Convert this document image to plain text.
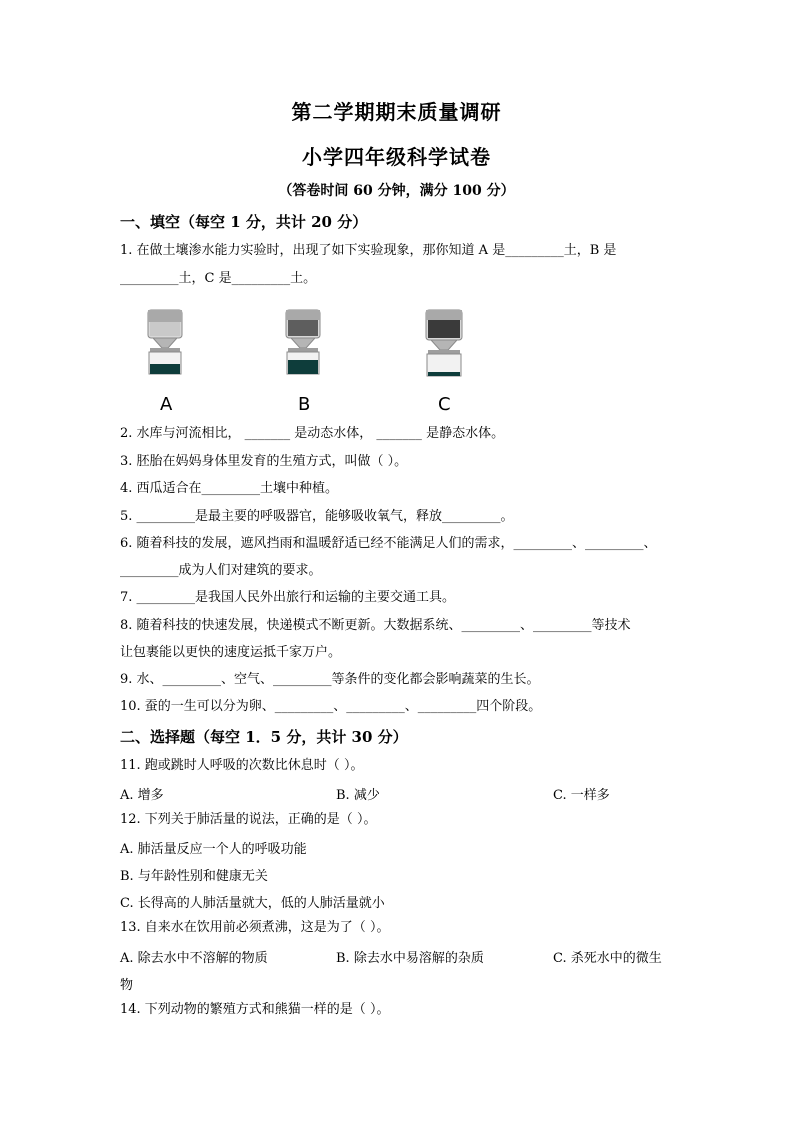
第二学期期末质量调研
小学四年级科学试卷
（答卷时间 60 分钟，满分 100 分）
一、填空（每空 1 分，共计 20 分）
1. 在做土壤渗水能力实验时，出现了如下实验现象，那你知道 A 是_________土，B 是
_________土，C 是_________土。
A	B	C
2. 水库与河流相比， _______ 是动态水体， _______ 是静态水体。
3. 胚胎在妈妈身体里发育的生殖方式，叫做（ ）。
4. 西瓜适合在_________土壤中种植。
5. _________是最主要的呼吸器官，能够吸收氧气，释放_________。
6. 随着科技的发展，遮风挡雨和温暖舒适已经不能满足人们的需求，_________、_________、
_________成为人们对建筑的要求。
7. _________是我国人民外出旅行和运输的主要交通工具。
8. 随着科技的快速发展，快递模式不断更新。大数据系统、_________、_________等技术
让包裹能以更快的速度运抵千家万户。
9. 水、_________、空气、_________等条件的变化都会影响蔬菜的生长。
10. 蚕的一生可以分为卵、_________、_________、_________四个阶段。
二、选择题（每空 1．5 分，共计 30 分）
11. 跑或跳时人呼吸的次数比休息时（ ）。
A. 增多	B. 减少	C. 一样多
12. 下列关于肺活量的说法，正确的是（ ）。
A. 肺活量反应一个人的呼吸功能
B. 与年龄性别和健康无关
C. 长得高的人肺活量就大，低的人肺活量就小
13. 自来水在饮用前必须煮沸，这是为了（ ）。
A. 除去水中不溶解的物质	B. 除去水中易溶解的杂质	C. 杀死水中的微生
物
14. 下列动物的繁殖方式和熊猫一样的是（ ）。
